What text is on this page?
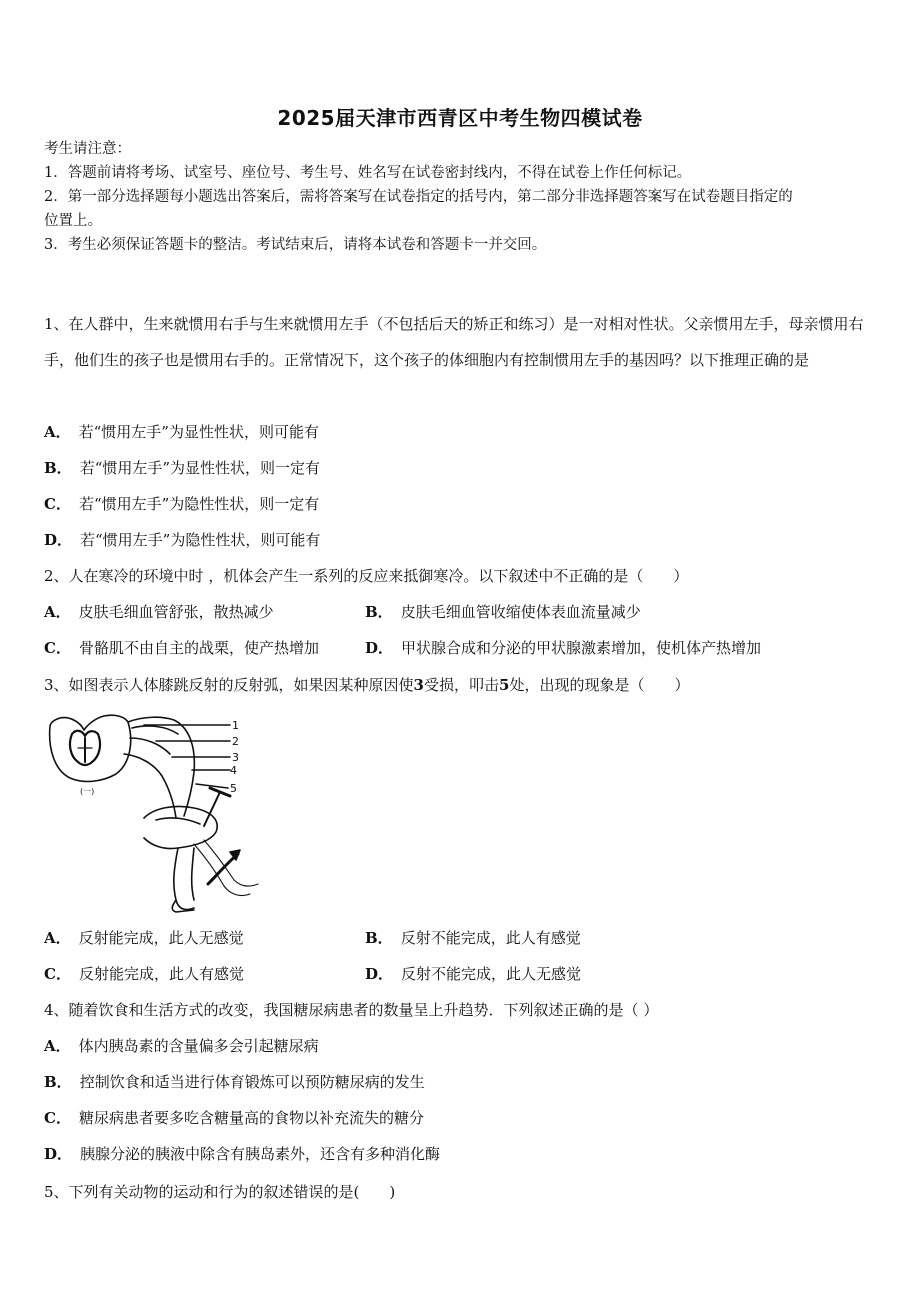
2025届天津市西青区中考生物四模试卷
考生请注意：
1．答题前请将考场、试室号、座位号、考生号、姓名写在试卷密封线内，不得在试卷上作任何标记。
2．第一部分选择题每小题选出答案后，需将答案写在试卷指定的括号内，第二部分非选择题答案写在试卷题目指定的
位置上。
3．考生必须保证答题卡的整洁。考试结束后，请将本试卷和答题卡一并交回。
1、在人群中，生来就惯用右手与生来就惯用左手（不包括后天的矫正和练习）是一对相对性状。父亲惯用左手，母亲惯用右手，他们生的孩子也是惯用右手的。正常情况下，这个孩子的体细胞内有控制惯用左手的基因吗？以下推理正确的是
A． 若“惯用左手”为显性性状，则可能有
B． 若“惯用左手”为显性性状，则一定有
C． 若“惯用左手”为隐性性状，则一定有
D． 若“惯用左手”为隐性性状，则可能有
2、人在寒冷的环境中时 ，机体会产生一系列的反应来抵御寒冷。以下叙述中不正确的是（　　）
A． 皮肤毛细血管舒张，散热减少	B． 皮肤毛细血管收缩使体表血流量减少
C． 骨骼肌不由自主的战栗，使产热增加	D． 甲状腺合成和分泌的甲状腺激素增加，使机体产热增加
3、如图表示人体膝跳反射的反射弧，如果因某种原因使3受损，叩击5处，出现的现象是（　　）
1
2
3
4
5
(一)
A． 反射能完成，此人无感觉	B． 反射不能完成，此人有感觉
C． 反射能完成，此人有感觉	D． 反射不能完成，此人无感觉
4、随着饮食和生活方式的改变，我国糖尿病患者的数量呈上升趋势．下列叙述正确的是（ ）
A． 体内胰岛素的含量偏多会引起糖尿病
B． 控制饮食和适当进行体育锻炼可以预防糖尿病的发生
C． 糖尿病患者要多吃含糖量高的食物以补充流失的糖分
D． 胰腺分泌的胰液中除含有胰岛素外，还含有多种消化酶
5、下列有关动物的运动和行为的叙述错误的是(　　)
